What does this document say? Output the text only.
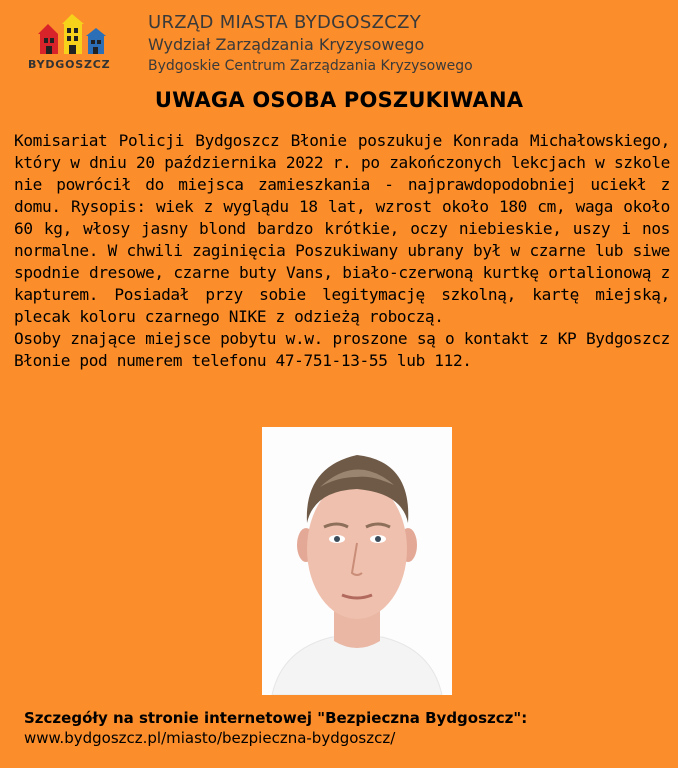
BYDGOSZCZ
URZĄD MIASTA BYDGOSZCZY
Wydział Zarządzania Kryzysowego
Bydgoskie Centrum Zarządzania Kryzysowego
UWAGA OSOBA POSZUKIWANA

Komisariat Policji Bydgoszcz Błonie poszukuje Konrada Michałowskiego, który w dniu 20 października 2022 r. po zakończonych lekcjach w szkole nie powrócił do miejsca zamieszkania - najprawdopodobniej uciekł z domu. Rysopis: wiek z wyglądu 18 lat, wzrost około 180 cm, waga około 60 kg, włosy jasny blond bardzo krótkie, oczy niebieskie, uszy i nos normalne. W chwili zaginięcia Poszukiwany ubrany był w czarne lub siwe spodnie dresowe, czarne buty Vans, biało-czerwoną kurtkę ortalionową z kapturem. Posiadał przy sobie legitymację szkolną, kartę miejską, plecak koloru czarnego NIKE z odzieżą roboczą.

Osoby znające miejsce pobytu w.w. proszone są o kontakt z KP Bydgoszcz Błonie pod numerem telefonu 47-751-13-55 lub 112.

Szczegóły na stronie internetowej "Bezpieczna Bydgoszcz":
www.bydgoszcz.pl/miasto/bezpieczna-bydgoszcz/
